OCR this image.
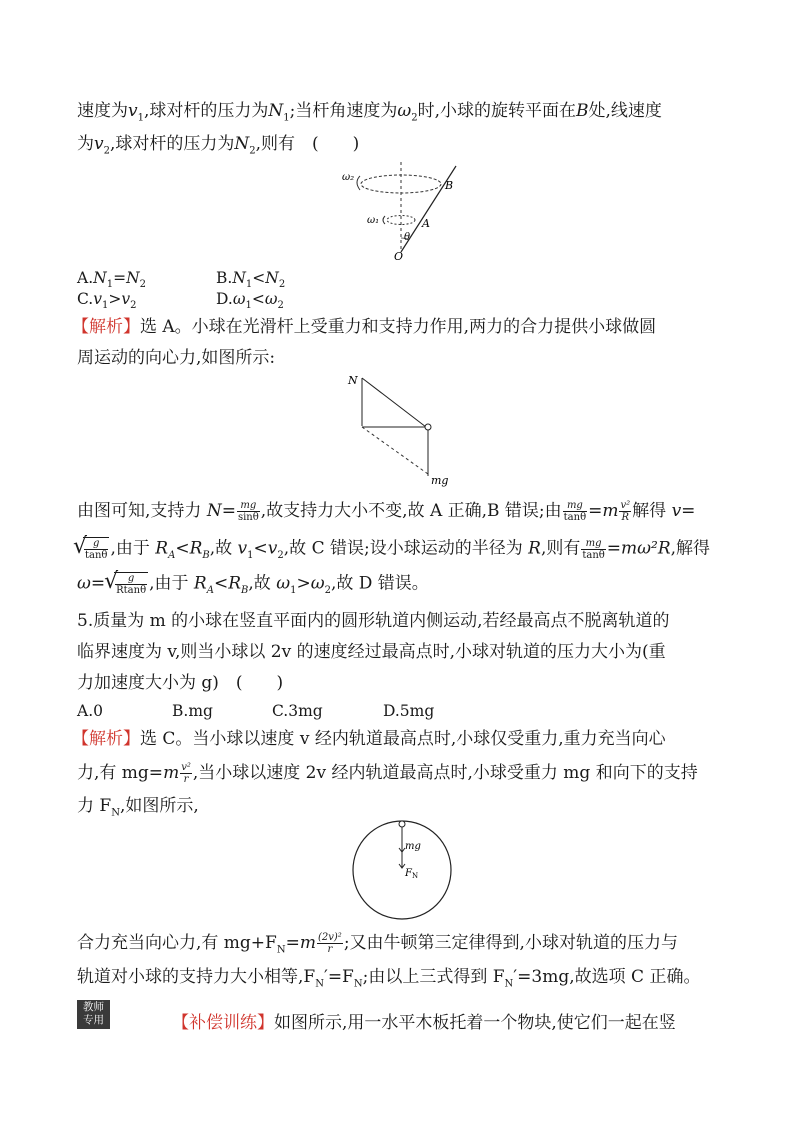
速度为$v_1$,球对杆的压力为$N_1$;当杆角速度为$\omega_2$时,小球的旋转平面在B处,线速度
为$v_2$,球对杆的压力为$N_2$,则有　(　　)
ω₂
ω₁
B
A
θ
O
$A.N_1=N_2$	$B.N_1<N_2$
$C.v_1>v_2$	$D.\omega_1<\omega_2$
【解析】选 A。小球在光滑杆上受重力和支持力作用,两力的合力提供小球做圆
周运动的向心力,如图所示:
N
mg
由图可知,支持力 $N= \frac{mg}{\sin\theta}$ ,故支持力大小不变,故 A 正确,B 错误;由 $\frac{mg}{\tan\theta} =m \frac{\text{v²}}{R}$ 解得 v=
√ $\frac{g}{\tan\theta}$ ,由于 $R_A<R_B$,故 $v_1<v_2$,故 C 错误;设小球运动的半径为 R,则有 $\frac{mg}{\tan\theta} =m\omega^2R$,解得
ω=
√ $\frac{g}{Rtan\theta}$ ,由于 $R_A<R_B$,故 $\omega_1>\omega_2$,故 D 错误。
5.质量为 m 的小球在竖直平面内的圆形轨道内侧运动,若经最高点不脱离轨道的
临界速度为 v,则当小球以 2v 的速度经过最高点时,小球对轨道的压力大小为(重
力加速度大小为 g)　(　　)
A.0	B.mg	C.3mg	D.5mg
【解析】选 C。当小球以速度 v 经内轨道最高点时,小球仅受重力,重力充当向心
力,有 $mg=m \frac{\text{v²}}{r}$ ,当小球以速度 2v 经内轨道最高点时,小球受重力 mg 和向下的支持
力 $F_N$,如图所示,
mg
$F_N$
合力充当向心力,有 $mg+F_N=m \frac{\text{(2v)²}}{r}$ ;又由牛顿第三定律得到,小球对轨道的压力与
轨道对小球的支持力大小相等$,F_N'=F_N$;由以上三式得到 $F_N'=3mg$,故选项 C 正确。
教师
专用	【补偿训练】如图所示,用一水平木板托着一个物块,使它们一起在竖
